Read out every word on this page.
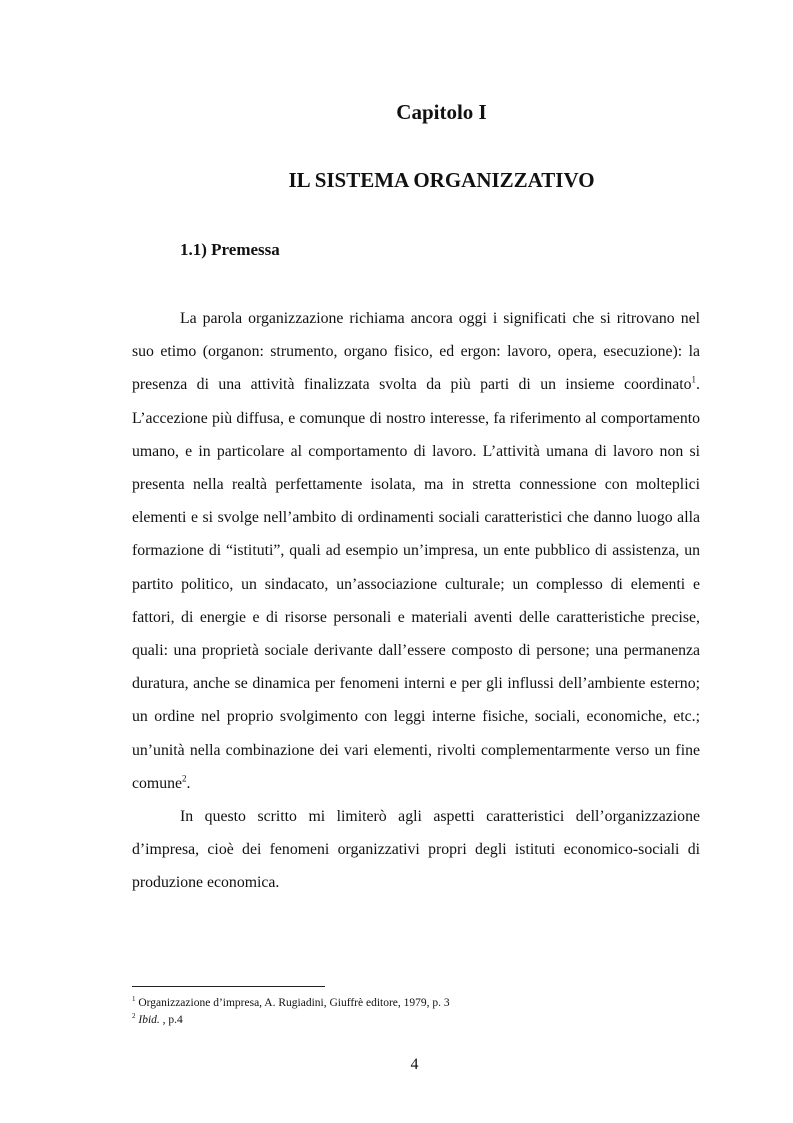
Capitolo I
IL SISTEMA ORGANIZZATIVO
1.1) Premessa

La parola organizzazione richiama ancora oggi i significati che si ritrovano nel suo etimo (organon: strumento, organo fisico, ed ergon: lavoro, opera, esecuzione): la presenza di una attività finalizzata svolta da più parti di un insieme coordinato$^1$. L’accezione più diffusa, e comunque di nostro interesse, fa riferimento al comportamento umano, e in particolare al comportamento di lavoro. L’attività umana di lavoro non si presenta nella realtà perfettamente isolata, ma in stretta connessione con molteplici elementi e si svolge nell’ambito di ordinamenti sociali caratteristici che danno luogo alla formazione di “istituti”, quali ad esempio un’impresa, un ente pubblico di assistenza, un partito politico, un sindacato, un’associazione culturale; un complesso di elementi e fattori, di energie e di risorse personali e materiali aventi delle caratteristiche precise, quali: una proprietà sociale derivante dall’essere composto di persone; una permanenza duratura, anche se dinamica per fenomeni interni e per gli influssi dell’ambiente esterno; un ordine nel proprio svolgimento con leggi interne fisiche, sociali, economiche, etc.; un’unità nella combinazione dei vari elementi, rivolti complementarmente verso un fine comune$^2$.

In questo scritto mi limiterò agli aspetti caratteristici dell’organizzazione d’impresa, cioè dei fenomeni organizzativi propri degli istituti economico-sociali di produzione economica.

$^1$ Organizzazione d’impresa, A. Rugiadini, Giuffrè editore, 1979, p. 3
$^2$ Ibid. , p.4
4
